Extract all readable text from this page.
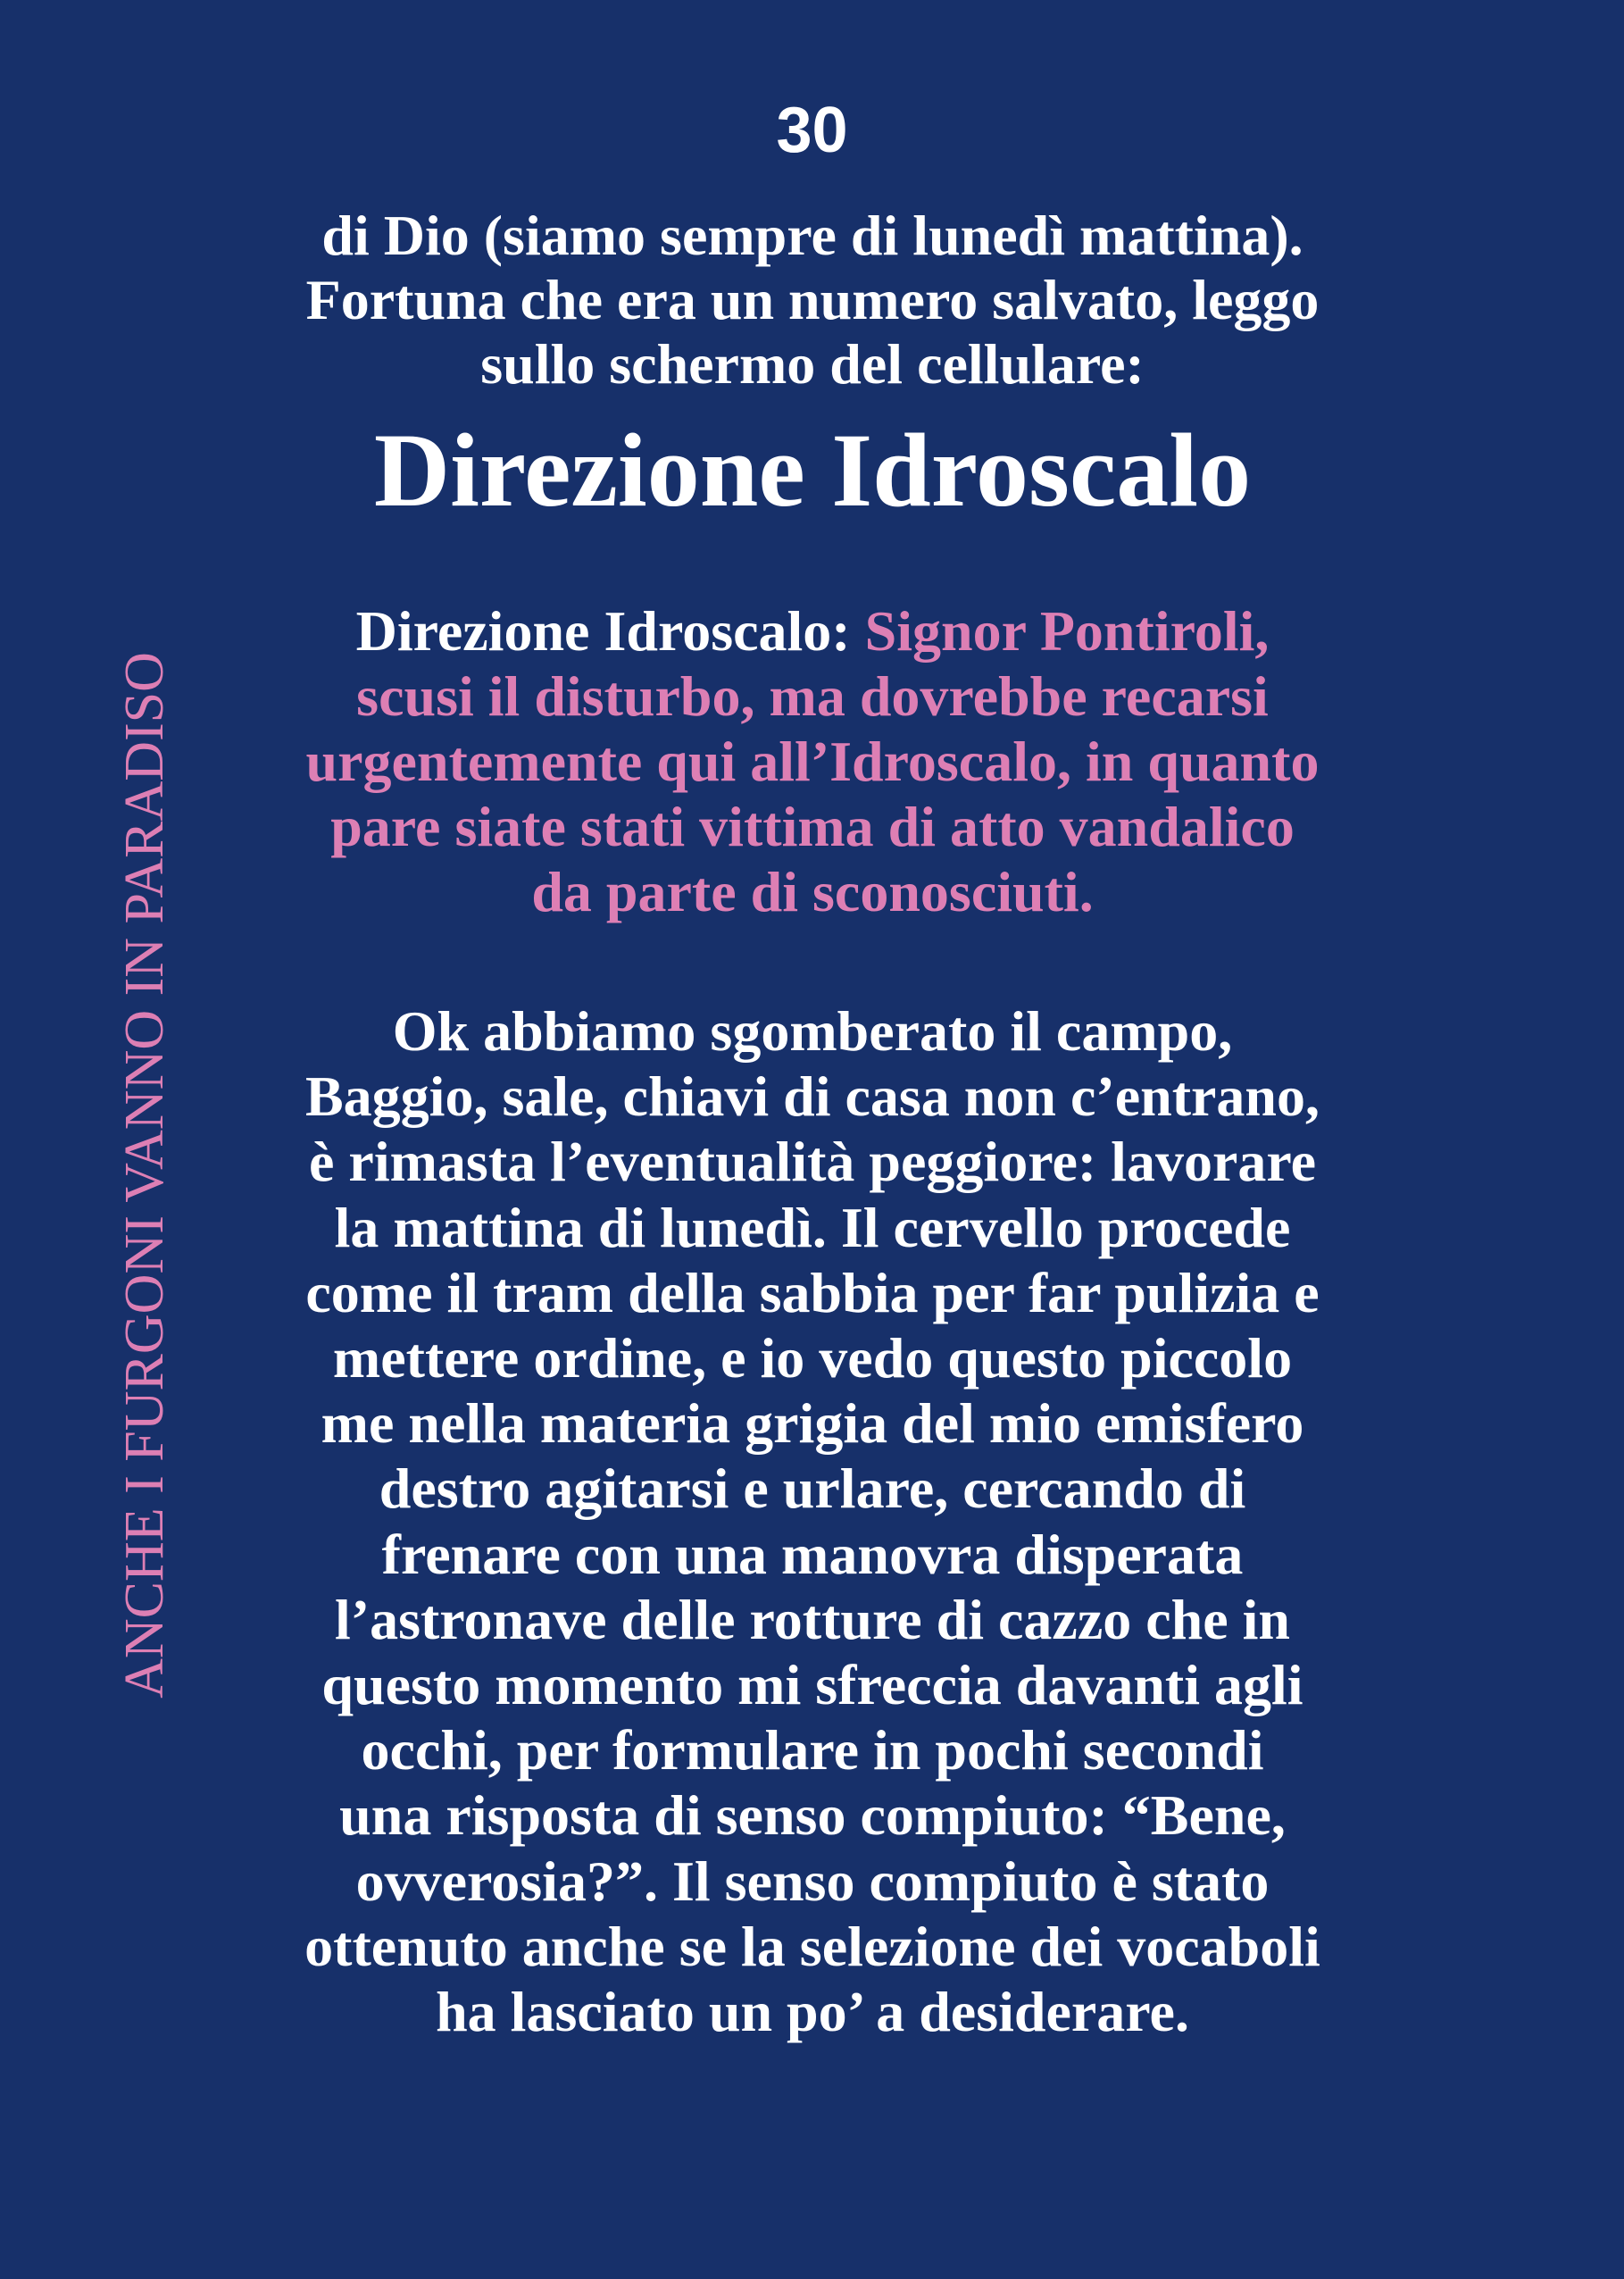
30
ANCHE I FURGONI VANNO IN PARADISO
di Dio (siamo sempre di lunedì mattina).
Fortuna che era un numero salvato, leggo
sullo schermo del cellulare:
Direzione Idroscalo
Direzione Idroscalo: Signor Pontiroli,
scusi il disturbo, ma dovrebbe recarsi
urgentemente qui all’Idroscalo, in quanto
pare siate stati vittima di atto vandalico
da parte di sconosciuti.
Ok abbiamo sgomberato il campo,
Baggio, sale, chiavi di casa non c’entrano,
è rimasta l’eventualità peggiore: lavorare
la mattina di lunedì. Il cervello procede
come il tram della sabbia per far pulizia e
mettere ordine, e io vedo questo piccolo
me nella materia grigia del mio emisfero
destro agitarsi e urlare, cercando di
frenare con una manovra disperata
l’astronave delle rotture di cazzo che in
questo momento mi sfreccia davanti agli
occhi, per formulare in pochi secondi
una risposta di senso compiuto: “Bene,
ovverosia?”. Il senso compiuto è stato
ottenuto anche se la selezione dei vocaboli
ha lasciato un po’ a desiderare.
